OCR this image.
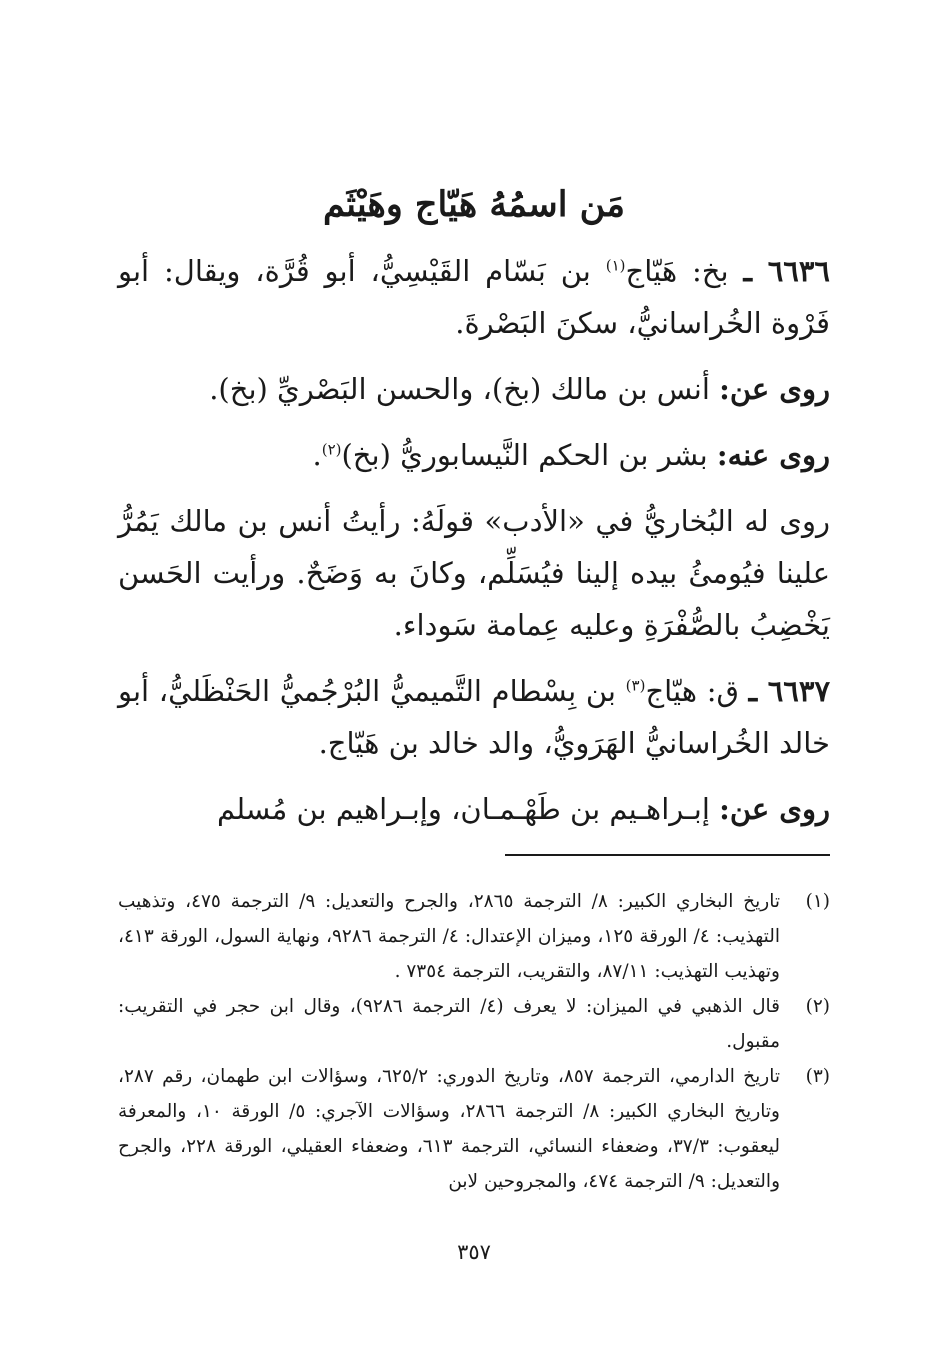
مَن اسمُهُ هَيّاج وهَيْثَم

٦٦٣٦ ـ بخ: هَيّاج$^{(١)}$ بن بَسّام القَيْسِيُّ، أبو قُرَّة، ويقال: أبو فَرْوة الخُراسانيُّ، سكنَ البَصْرةَ.

روى عن: أنس بن مالك (بخ)، والحسن البَصْريِّ (بخ).

روى عنه: بشر بن الحكم النَّيسابوريُّ (بخ)$^{(٢)}$.

روى له البُخاريُّ في «الأدب» قولَهُ: رأيتُ أنس بن مالك يَمُرُّ علينا فيُومئُ بيده إلينا فيُسَلِّم، وكانَ به وَضَحٌ. ورأيت الحَسن يَخْضِبُ بالصُّفْرَةِ وعليه عِمامة سَوداء.

٦٦٣٧ ـ ق: هيّاج$^{(٣)}$ بن بِسْطام التَّميميُّ البُرْجُميُّ الحَنْظَليُّ، أبو خالد الخُراسانيُّ الهَرَويُّ، والد خالد بن هَيّاج.

روى عن: إبـراهـيم بن طَهْـمـان، وإبـراهيم بن مُسلم

(١)
تاريخ البخاري الكبير: ٨/ الترجمة ٢٨٦٥، والجرح والتعديل: ٩/ الترجمة ٤٧٥، وتذهيب التهذيب: ٤/ الورقة ١٢٥، وميزان الإعتدال: ٤/ الترجمة ٩٢٨٦، ونهاية السول، الورقة ٤١٣، وتهذيب التهذيب: ٨٧/١١، والتقريب، الترجمة ٧٣٥٤ .
(٢)
قال الذهبي في الميزان: لا يعرف (٤/ الترجمة ٩٢٨٦)، وقال ابن حجر في التقريب: مقبول.
(٣)
تاريخ الدارمي، الترجمة ٨٥٧، وتاريخ الدوري: ٦٢٥/٢، وسؤالات ابن طهمان، رقم ٢٨٧، وتاريخ البخاري الكبير: ٨/ الترجمة ٢٨٦٦، وسؤالات الآجري: ٥/ الورقة ١٠، والمعرفة ليعقوب: ٣٧/٣، وضعفاء النسائي، الترجمة ٦١٣، وضعفاء العقيلي، الورقة ٢٢٨، والجرح والتعديل: ٩/ الترجمة ٤٧٤، والمجروحين لابن
٣٥٧
